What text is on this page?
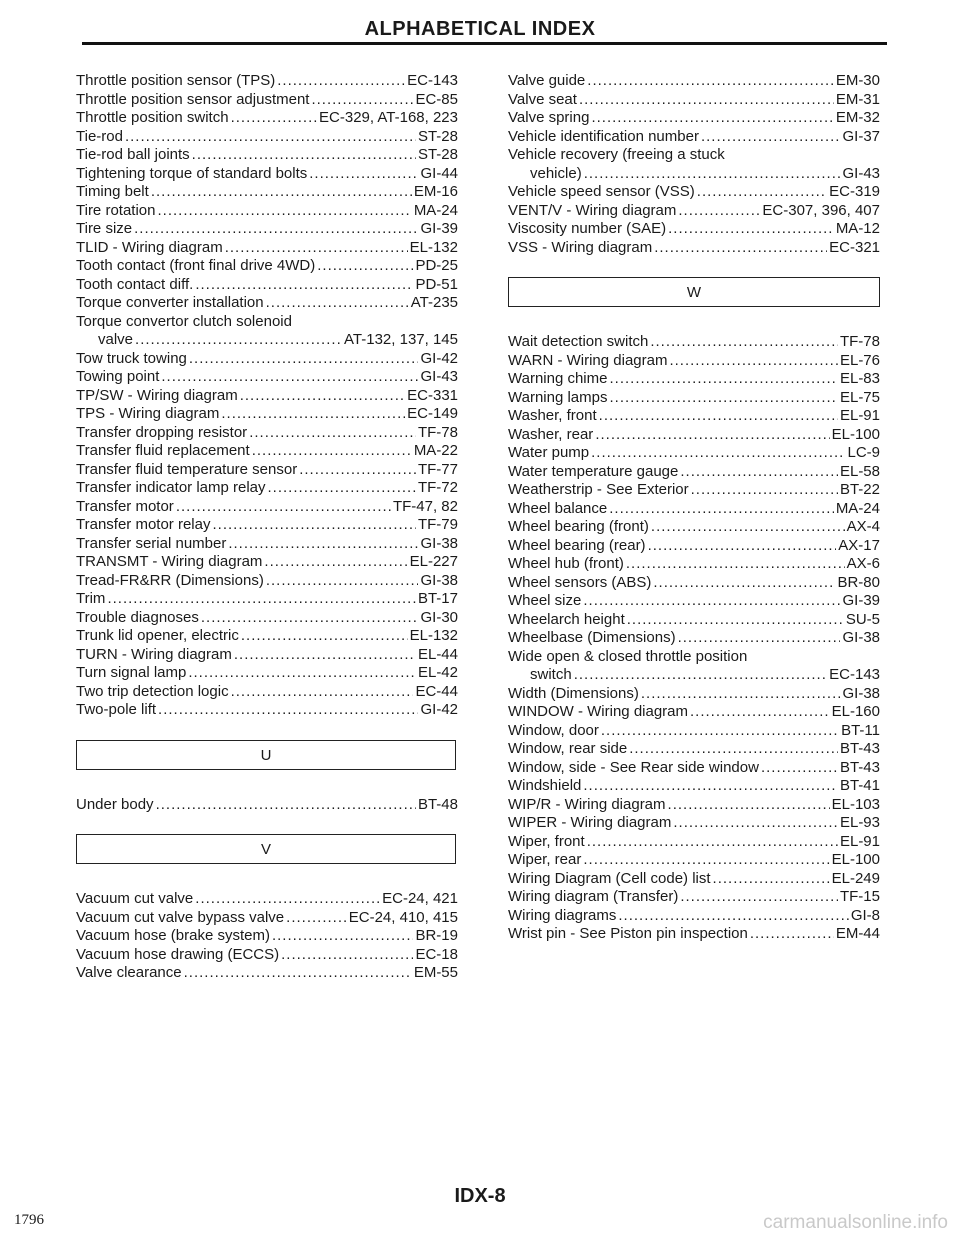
ALPHABETICAL INDEX
Throttle position sensor (TPS) .....	EC-143
Throttle position sensor adjustment .....	EC-85
Throttle position switch .....	EC-329, AT-168, 223
Tie-rod .....	ST-28
Tie-rod ball joints .....	ST-28
Tightening torque of standard bolts .....	GI-44
Timing belt .....	EM-16
Tire rotation .....	MA-24
Tire size .....	GI-39
TLID - Wiring diagram .....	EL-132
Tooth contact (front final drive 4WD) .....	PD-25
Tooth contact diff. .....	PD-51
Torque converter installation .....	AT-235
Torque convertor clutch solenoid
valve .....	AT-132, 137, 145
Tow truck towing .....	GI-42
Towing point .....	GI-43
TP/SW - Wiring diagram .....	EC-331
TPS - Wiring diagram .....	EC-149
Transfer dropping resistor .....	TF-78
Transfer fluid replacement .....	MA-22
Transfer fluid temperature sensor .....	TF-77
Transfer indicator lamp relay .....	TF-72
Transfer motor .....	TF-47, 82
Transfer motor relay .....	TF-79
Transfer serial number .....	GI-38
TRANSMT - Wiring diagram .....	EL-227
Tread-FR&RR (Dimensions) .....	GI-38
Trim .....	BT-17
Trouble diagnoses .....	GI-30
Trunk lid opener, electric .....	EL-132
TURN - Wiring diagram .....	EL-44
Turn signal lamp .....	EL-42
Two trip detection logic .....	EC-44
Two-pole lift .....	GI-42
U
Under body .....	BT-48
V
Vacuum cut valve .....	EC-24, 421
Vacuum cut valve bypass valve .....	EC-24, 410, 415
Vacuum hose (brake system) .....	BR-19
Vacuum hose drawing (ECCS) .....	EC-18
Valve clearance .....	EM-55
Valve guide .....	EM-30
Valve seat .....	EM-31
Valve spring .....	EM-32
Vehicle identification number .....	GI-37
Vehicle recovery (freeing a stuck
vehicle) .....	GI-43
Vehicle speed sensor (VSS) .....	EC-319
VENT/V - Wiring diagram .....	EC-307, 396, 407
Viscosity number (SAE) .....	MA-12
VSS - Wiring diagram .....	EC-321
W
Wait detection switch .....	TF-78
WARN - Wiring diagram .....	EL-76
Warning chime .....	EL-83
Warning lamps .....	EL-75
Washer, front .....	EL-91
Washer, rear .....	EL-100
Water pump .....	LC-9
Water temperature gauge .....	EL-58
Weatherstrip - See Exterior .....	BT-22
Wheel balance .....	MA-24
Wheel bearing (front) .....	AX-4
Wheel bearing (rear) .....	AX-17
Wheel hub (front) .....	AX-6
Wheel sensors (ABS) .....	BR-80
Wheel size .....	GI-39
Wheelarch height .....	SU-5
Wheelbase (Dimensions) .....	GI-38
Wide open & closed throttle position
switch .....	EC-143
Width (Dimensions) .....	GI-38
WINDOW - Wiring diagram .....	EL-160
Window, door .....	BT-11
Window, rear side .....	BT-43
Window, side - See Rear side window .....	BT-43
Windshield .....	BT-41
WIP/R - Wiring diagram .....	EL-103
WIPER - Wiring diagram .....	EL-93
Wiper, front .....	EL-91
Wiper, rear .....	EL-100
Wiring Diagram (Cell code) list .....	EL-249
Wiring diagram (Transfer) .....	TF-15
Wiring diagrams .....	GI-8
Wrist pin - See Piston pin inspection .....	EM-44
IDX-8
1796	carmanualsonline.info
